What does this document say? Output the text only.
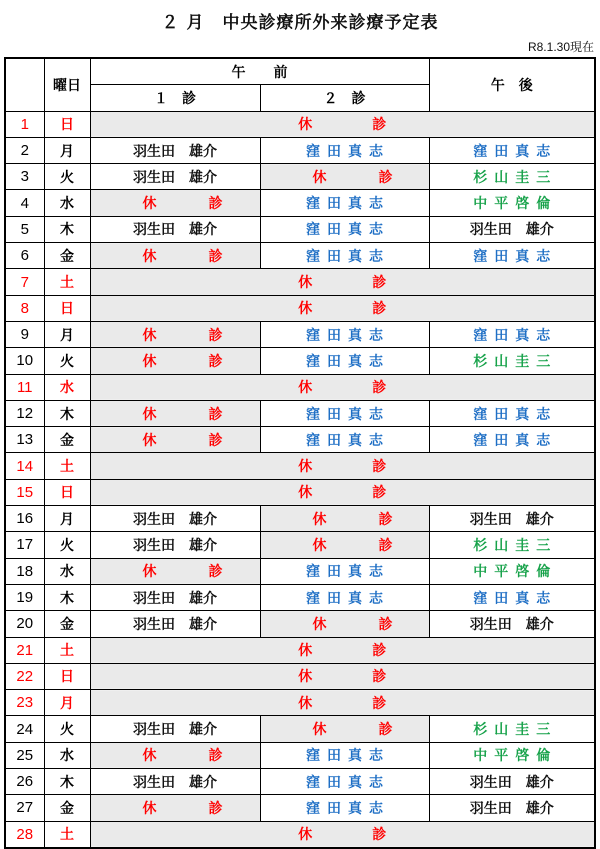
２ 月　中央診療所外来診療予定表
R8.1.30現在
	曜日	午　　前		午　後
		１　診	２　診	
1	日	休診		
2	月	羽生田　雄介	窪田真志	窪田真志
3	火	羽生田　雄介	休診	杉山圭三
4	水	休診	窪田真志	中平啓倫
5	木	羽生田　雄介	窪田真志	羽生田　雄介
6	金	休診	窪田真志	窪田真志
7	土	休診		
8	日	休診		
9	月	休診	窪田真志	窪田真志
10	火	休診	窪田真志	杉山圭三
11	水	休診		
12	木	休診	窪田真志	窪田真志
13	金	休診	窪田真志	窪田真志
14	土	休診		
15	日	休診		
16	月	羽生田　雄介	休診	羽生田　雄介
17	火	羽生田　雄介	休診	杉山圭三
18	水	休診	窪田真志	中平啓倫
19	木	羽生田　雄介	窪田真志	窪田真志
20	金	羽生田　雄介	休診	羽生田　雄介
21	土	休診		
22	日	休診		
23	月	休診		
24	火	羽生田　雄介	休診	杉山圭三
25	水	休診	窪田真志	中平啓倫
26	木	羽生田　雄介	窪田真志	羽生田　雄介
27	金	休診	窪田真志	羽生田　雄介
28	土	休診		
